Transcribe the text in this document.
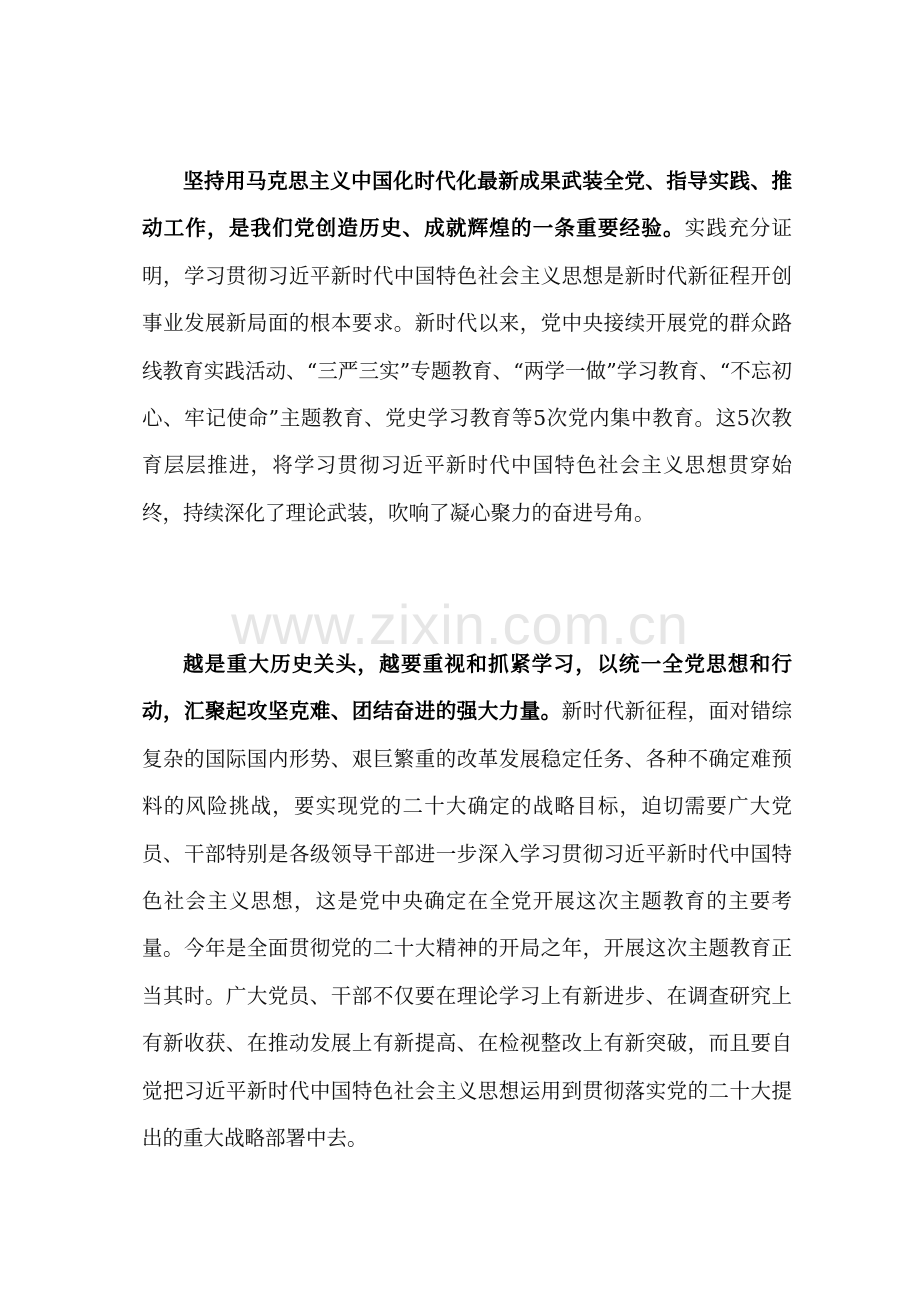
www.zixin.com.cn

坚持用马克思主义中国化时代化最新成果武装全党、指导实践、推动工作，是我们党创造历史、成就辉煌的一条重要经验。实践充分证明，学习贯彻习近平新时代中国特色社会主义思想是新时代新征程开创事业发展新局面的根本要求。新时代以来，党中央接续开展党的群众路线教育实践活动、“三严三实”专题教育、“两学一做”学习教育、“不忘初心、牢记使命”主题教育、党史学习教育等5次党内集中教育。这5次教育层层推进，将学习贯彻习近平新时代中国特色社会主义思想贯穿始终，持续深化了理论武装，吹响了凝心聚力的奋进号角。

越是重大历史关头，越要重视和抓紧学习，以统一全党思想和行动，汇聚起攻坚克难、团结奋进的强大力量。新时代新征程，面对错综复杂的国际国内形势、艰巨繁重的改革发展稳定任务、各种不确定难预料的风险挑战，要实现党的二十大确定的战略目标，迫切需要广大党员、干部特别是各级领导干部进一步深入学习贯彻习近平新时代中国特色社会主义思想，这是党中央确定在全党开展这次主题教育的主要考量。今年是全面贯彻党的二十大精神的开局之年，开展这次主题教育正当其时。广大党员、干部不仅要在理论学习上有新进步、在调查研究上有新收获、在推动发展上有新提高、在检视整改上有新突破，而且要自觉把习近平新时代中国特色社会主义思想运用到贯彻落实党的二十大提出的重大战略部署中去。
